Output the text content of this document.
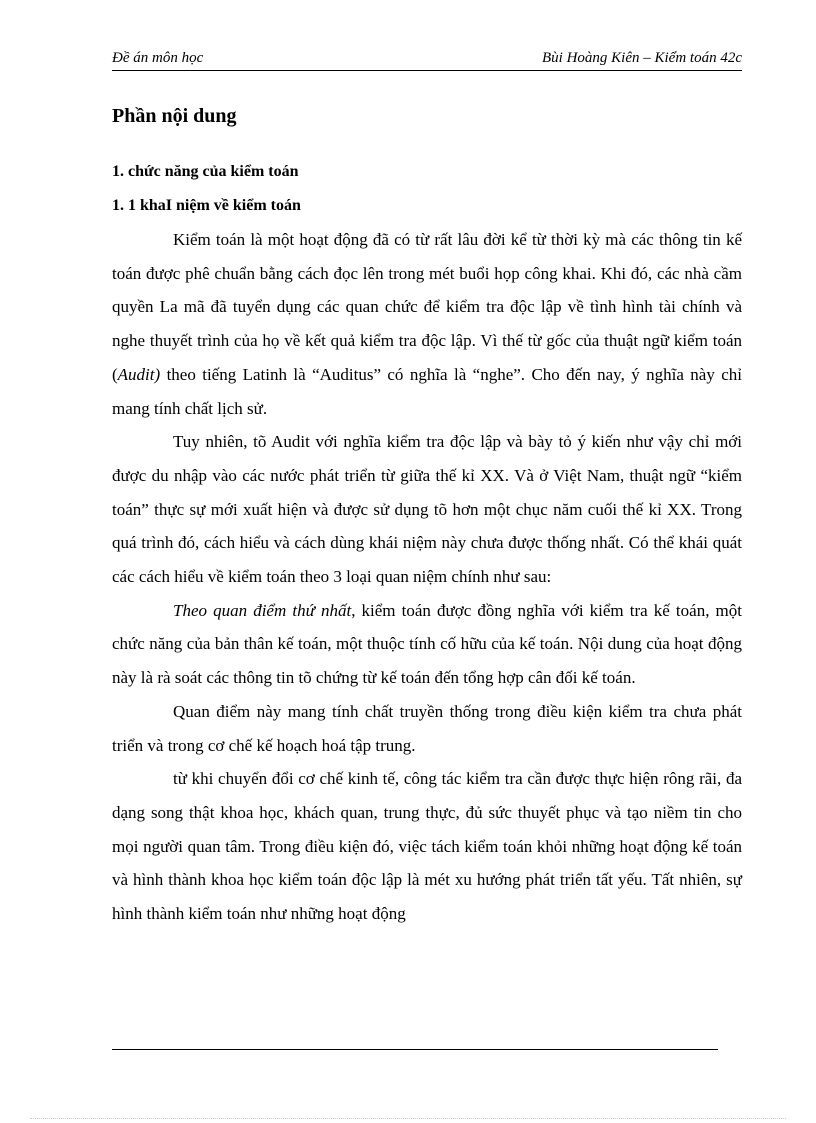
Đề án môn học	Bùi Hoàng Kiên – Kiểm toán 42c
Phần nội dung
1. chức năng của kiểm toán
1. 1 khaI niệm về kiểm toán

Kiểm toán là một hoạt động đã có từ rất lâu đời kể từ thời kỳ mà các thông tin kế toán được phê chuẩn bằng cách đọc lên trong mét buổi họp công khai. Khi đó, các nhà cầm quyền La mã đã tuyển dụng các quan chức để kiểm tra độc lập về tình hình tài chính và nghe thuyết trình của họ về kết quả kiểm tra độc lập. Vì thế từ gốc của thuật ngữ kiểm toán (Audit) theo tiếng Latinh là “Auditus” có nghĩa là “nghe”. Cho đến nay, ý nghĩa này chỉ mang tính chất lịch sử.

Tuy nhiên, tõ Audit với nghĩa kiểm tra độc lập và bày tỏ ý kiến như vậy chỉ mới được du nhập vào các nước phát triển từ giữa thế kỉ XX. Và ở Việt Nam, thuật ngữ “kiểm toán” thực sự mới xuất hiện và được sử dụng tõ hơn một chục năm cuối thế kỉ XX. Trong quá trình đó, cách hiểu và cách dùng khái niệm này chưa được thống nhất. Có thể khái quát các cách hiểu về kiểm toán theo 3 loại quan niệm chính như sau:

Theo quan điểm thứ nhất, kiểm toán được đồng nghĩa với kiểm tra kế toán, một chức năng của bản thân kế toán, một thuộc tính cố hữu của kế toán. Nội dung của hoạt động này là rà soát các thông tin tõ chứng từ kế toán đến tổng hợp cân đối kế toán.

Quan điểm này mang tính chất truyền thống trong điều kiện kiểm tra chưa phát triển và trong cơ chế kế hoạch hoá tập trung.

từ khi chuyển đổi cơ chế kinh tế, công tác kiểm tra cần được thực hiện rông rãi, đa dạng song thật khoa học, khách quan, trung thực, đủ sức thuyết phục và tạo niềm tin cho mọi người quan tâm. Trong điều kiện đó, việc tách kiểm toán khỏi những hoạt động kế toán và hình thành khoa học kiểm toán độc lập là mét xu hướng phát triển tất yếu. Tất nhiên, sự hình thành kiểm toán như những hoạt động
